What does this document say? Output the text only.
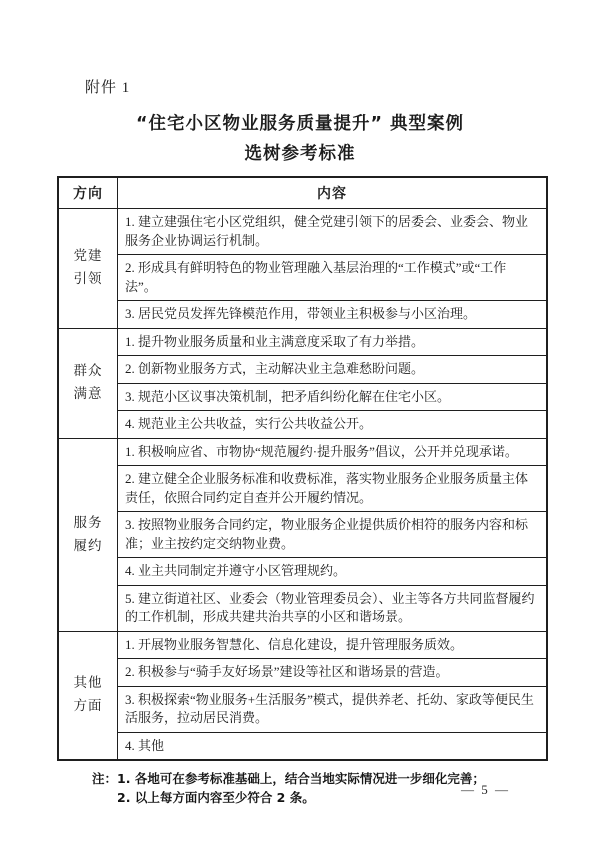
附件 1
“住宅小区物业服务质量提升” 典型案例
选树参考标准
方向	内容
党建引领	1. 建立建强住宅小区党组织，健全党建引领下的居委会、业委会、物业服务企业协调运行机制。
	2. 形成具有鲜明特色的物业管理融入基层治理的“工作模式”或“工作法”。
	3. 居民党员发挥先锋模范作用，带领业主积极参与小区治理。
群众满意	1. 提升物业服务质量和业主满意度采取了有力举措。
	2. 创新物业服务方式，主动解决业主急难愁盼问题。
	3. 规范小区议事决策机制，把矛盾纠纷化解在住宅小区。
	4. 规范业主公共收益，实行公共收益公开。
服务履约	1. 积极响应省、市物协“规范履约·提升服务”倡议，公开并兑现承诺。
	2. 建立健全企业服务标准和收费标准，落实物业服务企业服务质量主体责任，依照合同约定自查并公开履约情况。
	3. 按照物业服务合同约定，物业服务企业提供质价相符的服务内容和标准；业主按约定交纳物业费。
	4. 业主共同制定并遵守小区管理规约。
	5. 建立街道社区、业委会（物业管理委员会）、业主等各方共同监督履约的工作机制，形成共建共治共享的小区和谐场景。
其他方面	1. 开展物业服务智慧化、信息化建设，提升管理服务质效。
	2. 积极参与“骑手友好场景”建设等社区和谐场景的营造。
	3. 积极探索“物业服务+生活服务”模式，提供养老、托幼、家政等便民生活服务，拉动居民消费。
	4. 其他
注： 1. 各地可在参考标准基础上，结合当地实际情况进一步细化完善；
2. 以上每方面内容至少符合 2 条。
— 5 —
